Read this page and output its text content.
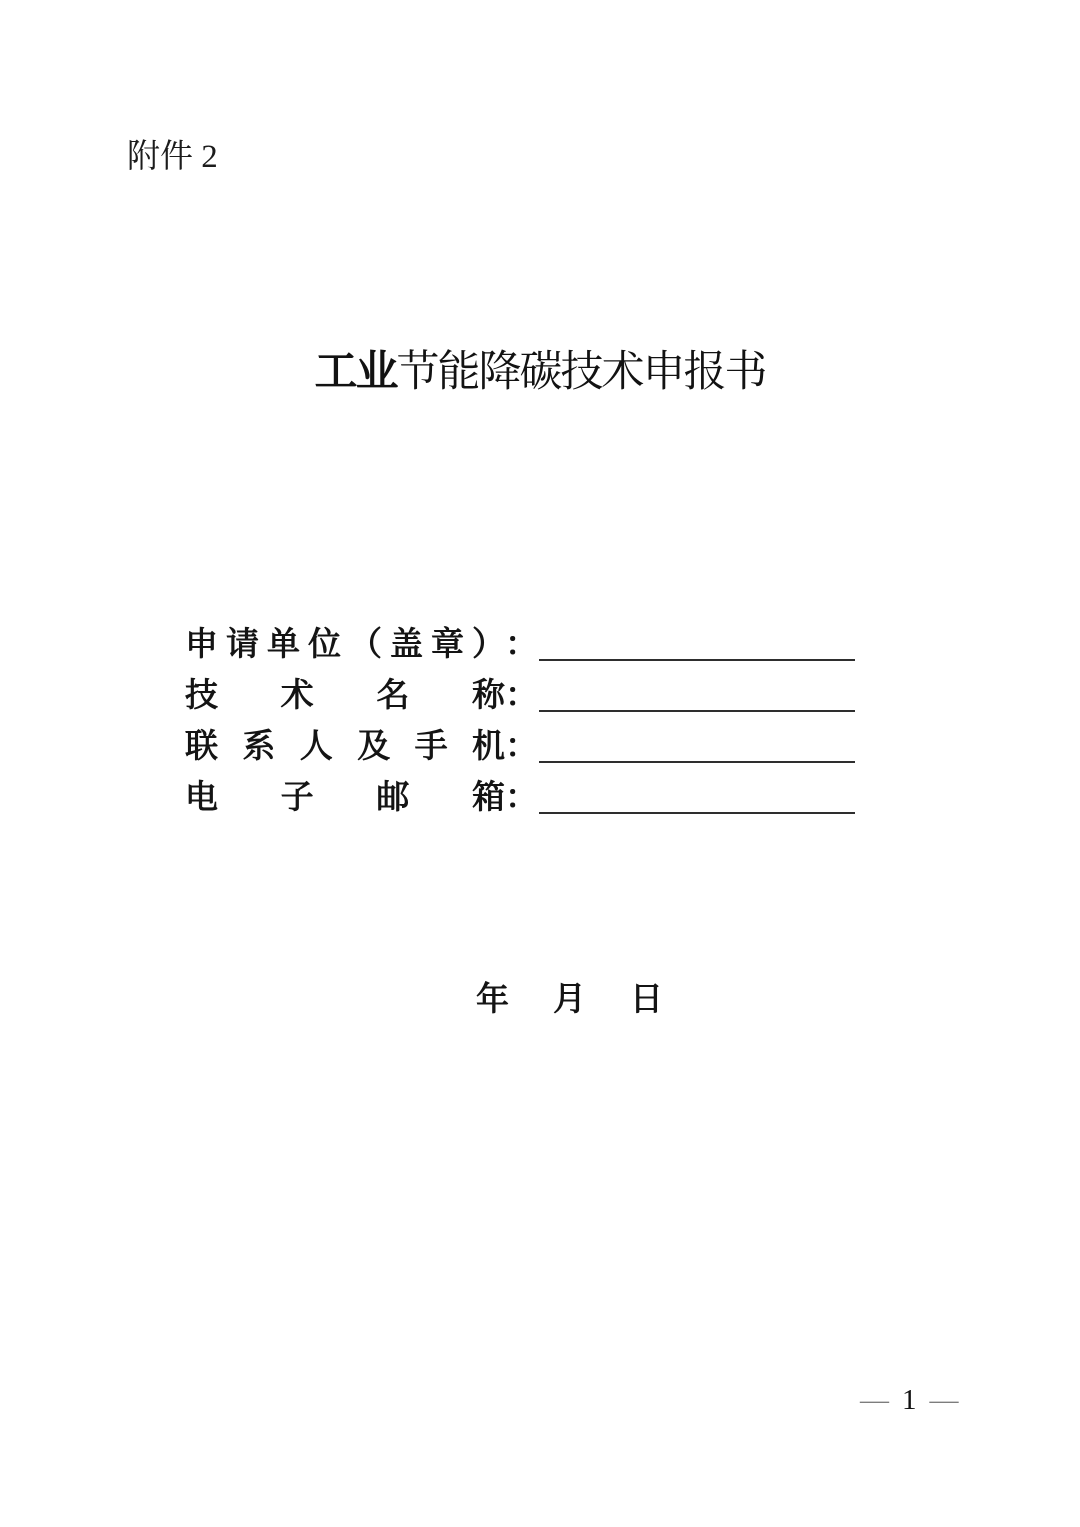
附件 2
工业节能降碳技术申报书
申请单位（盖章） ：
技术名称 ：
联系人及手机 ：
电子邮箱 ：
年 月 日
— 1 —
